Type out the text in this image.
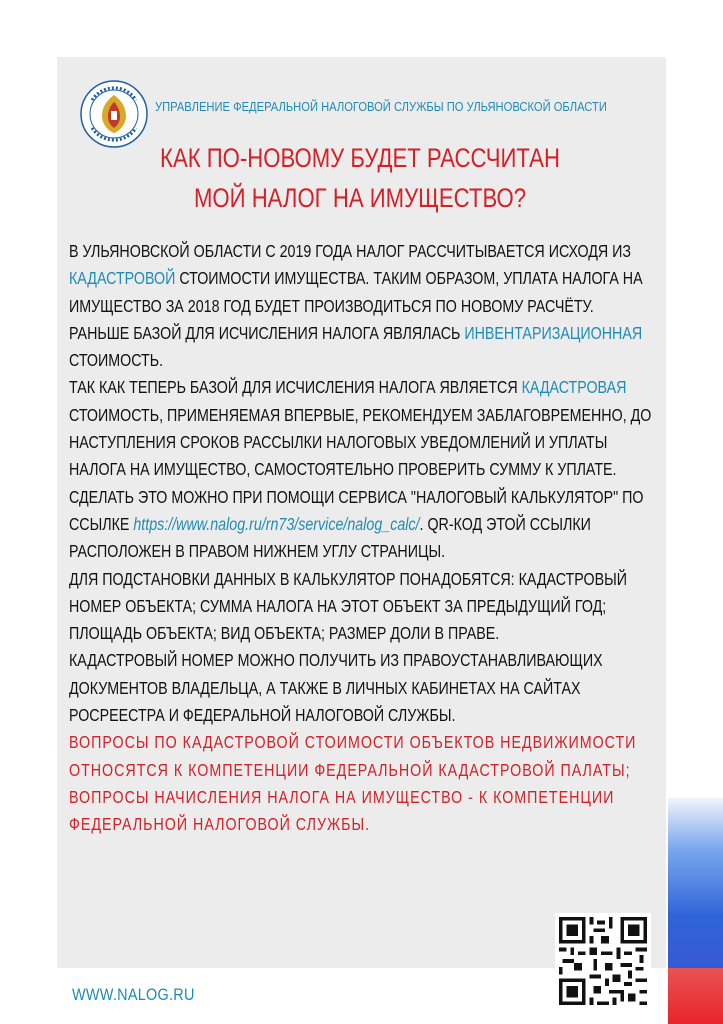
УПРАВЛЕНИЕ ФЕДЕРАЛЬНОЙ НАЛОГОВОЙ СЛУЖБЫ ПО УЛЬЯНОВСКОЙ ОБЛАСТИ
КАК ПО-НОВОМУ БУДЕТ РАССЧИТАН
МОЙ НАЛОГ НА ИМУЩЕСТВО?

В УЛЬЯНОВСКОЙ ОБЛАСТИ С 2019 ГОДА НАЛОГ РАССЧИТЫВАЕТСЯ ИСХОДЯ ИЗ КАДАСТРОВОЙ СТОИМОСТИ ИМУЩЕСТВА. ТАКИМ ОБРАЗОМ, УПЛАТА НАЛОГА НА ИМУЩЕСТВО ЗА 2018 ГОД БУДЕТ ПРОИЗВОДИТЬСЯ ПО НОВОМУ РАСЧЁТУ.

РАНЬШЕ БАЗОЙ ДЛЯ ИСЧИСЛЕНИЯ НАЛОГА ЯВЛЯЛАСЬ ИНВЕНТАРИЗАЦИОННАЯ СТОИМОСТЬ.

ТАК КАК ТЕПЕРЬ БАЗОЙ ДЛЯ ИСЧИСЛЕНИЯ НАЛОГА ЯВЛЯЕТСЯ КАДАСТРОВАЯ СТОИМОСТЬ, ПРИМЕНЯЕМАЯ ВПЕРВЫЕ, РЕКОМЕНДУЕМ ЗАБЛАГОВРЕМЕННО, ДО НАСТУПЛЕНИЯ СРОКОВ РАССЫЛКИ НАЛОГОВЫХ УВЕДОМЛЕНИЙ И УПЛАТЫ НАЛОГА НА ИМУЩЕСТВО, САМОСТОЯТЕЛЬНО ПРОВЕРИТЬ СУММУ К УПЛАТЕ.

СДЕЛАТЬ ЭТО МОЖНО ПРИ ПОМОЩИ СЕРВИСА "НАЛОГОВЫЙ КАЛЬКУЛЯТОР" ПО ССЫЛКЕ https://www.nalog.ru/rn73/service/nalog_calc/. QR-КОД ЭТОЙ ССЫЛКИ РАСПОЛОЖЕН В ПРАВОМ НИЖНЕМ УГЛУ СТРАНИЦЫ.

ДЛЯ ПОДСТАНОВКИ ДАННЫХ В КАЛЬКУЛЯТОР ПОНАДОБЯТСЯ: КАДАСТРОВЫЙ НОМЕР ОБЪЕКТА; СУММА НАЛОГА НА ЭТОТ ОБЪЕКТ ЗА ПРЕДЫДУЩИЙ ГОД; ПЛОЩАДЬ ОБЪЕКТА; ВИД ОБЪЕКТА; РАЗМЕР ДОЛИ В ПРАВЕ.

КАДАСТРОВЫЙ НОМЕР МОЖНО ПОЛУЧИТЬ ИЗ ПРАВОУСТАНАВЛИВАЮЩИХ ДОКУМЕНТОВ ВЛАДЕЛЬЦА, А ТАКЖЕ В ЛИЧНЫХ КАБИНЕТАХ НА САЙТАХ РОСРЕЕСТРА И ФЕДЕРАЛЬНОЙ НАЛОГОВОЙ СЛУЖБЫ.

ВОПРОСЫ ПО КАДАСТРОВОЙ СТОИМОСТИ ОБЪЕКТОВ НЕДВИЖИМОСТИ ОТНОСЯТСЯ К КОМПЕТЕНЦИИ ФЕДЕРАЛЬНОЙ КАДАСТРОВОЙ ПАЛАТЫ; ВОПРОСЫ НАЧИСЛЕНИЯ НАЛОГА НА ИМУЩЕСТВО - К КОМПЕТЕНЦИИ ФЕДЕРАЛЬНОЙ НАЛОГОВОЙ СЛУЖБЫ.

WWW.NALOG.RU
